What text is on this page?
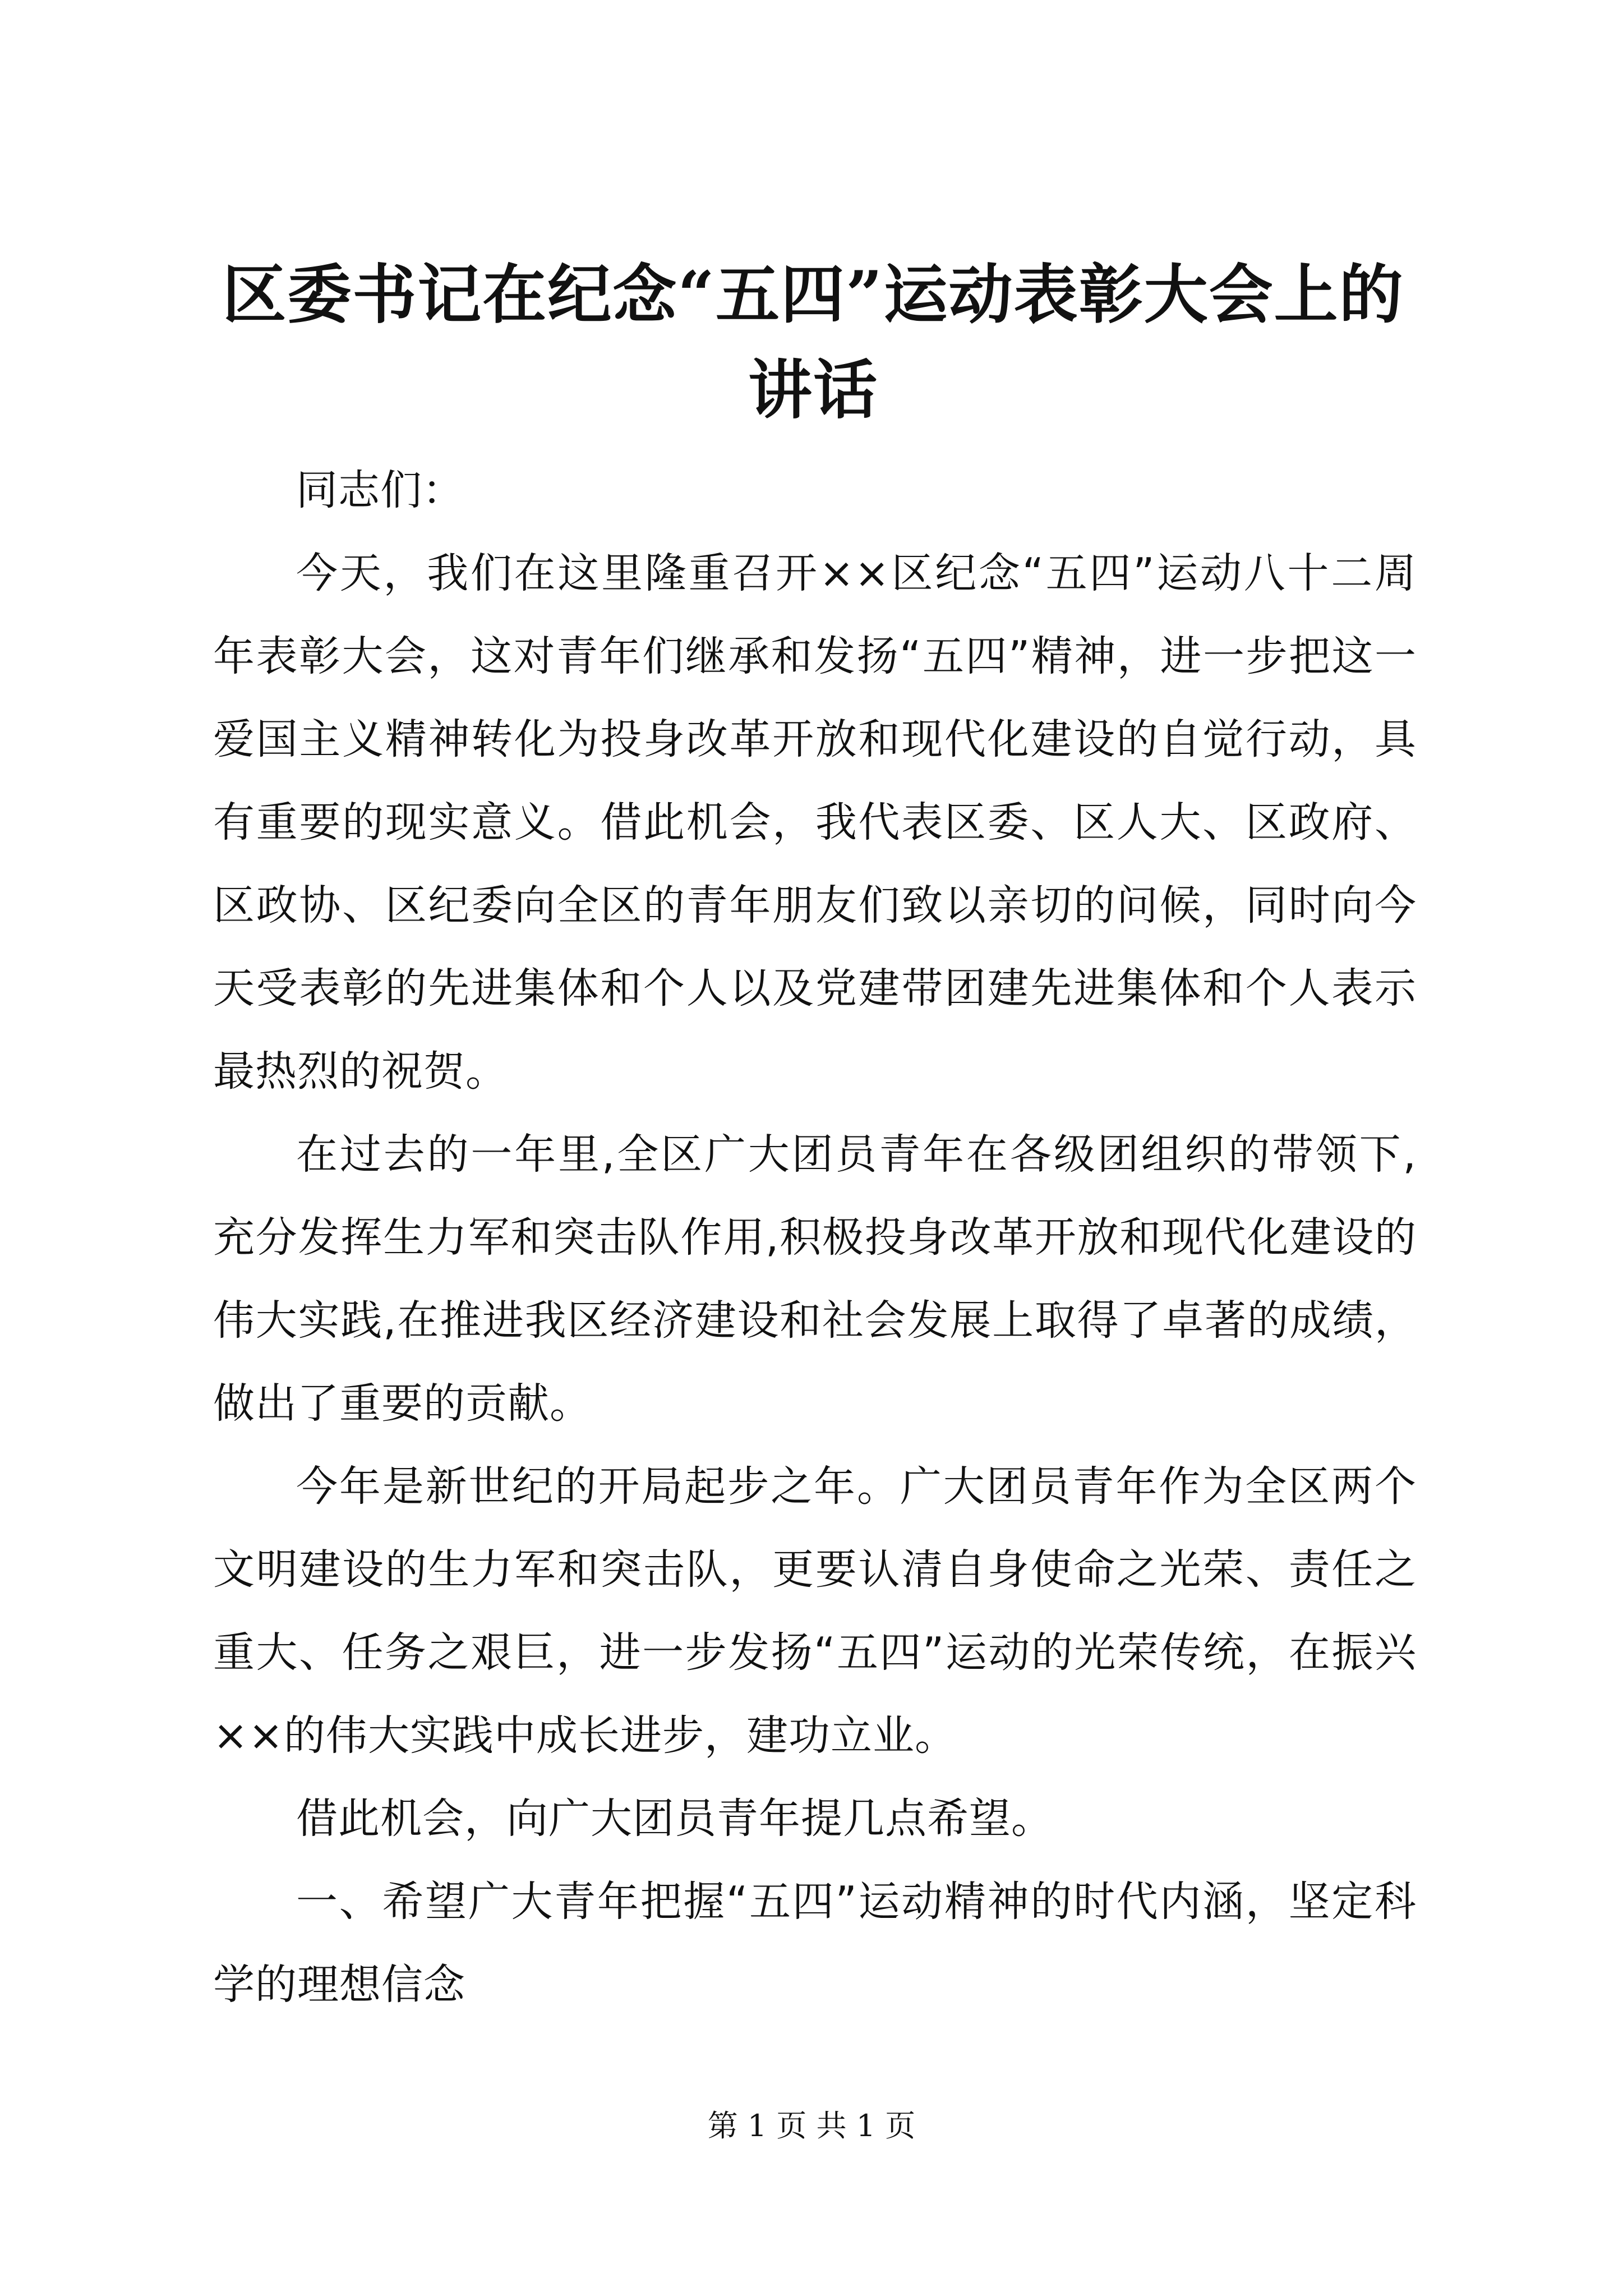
区委书记在纪念“五四”运动表彰大会上的讲话

同志们：

今天，我们在这里隆重召开××区纪念“五四”运动八十二周年表彰大会，这对青年们继承和发扬“五四”精神，进一步把这一爱国主义精神转化为投身改革开放和现代化建设的自觉行动，具有重要的现实意义。借此机会，我代表区委、区人大、区政府、区政协、区纪委向全区的青年朋友们致以亲切的问候，同时向今天受表彰的先进集体和个人以及党建带团建先进集体和个人表示最热烈的祝贺。

在过去的一年里,全区广大团员青年在各级团组织的带领下,充分发挥生力军和突击队作用,积极投身改革开放和现代化建设的伟大实践,在推进我区经济建设和社会发展上取得了卓著的成绩，做出了重要的贡献。

今年是新世纪的开局起步之年。广大团员青年作为全区两个文明建设的生力军和突击队，更要认清自身使命之光荣、责任之重大、任务之艰巨，进一步发扬“五四”运动的光荣传统，在振兴××的伟大实践中成长进步，建功立业。

借此机会，向广大团员青年提几点希望。

一、希望广大青年把握“五四”运动精神的时代内涵，坚定科学的理想信念

第 1 页 共 1 页
